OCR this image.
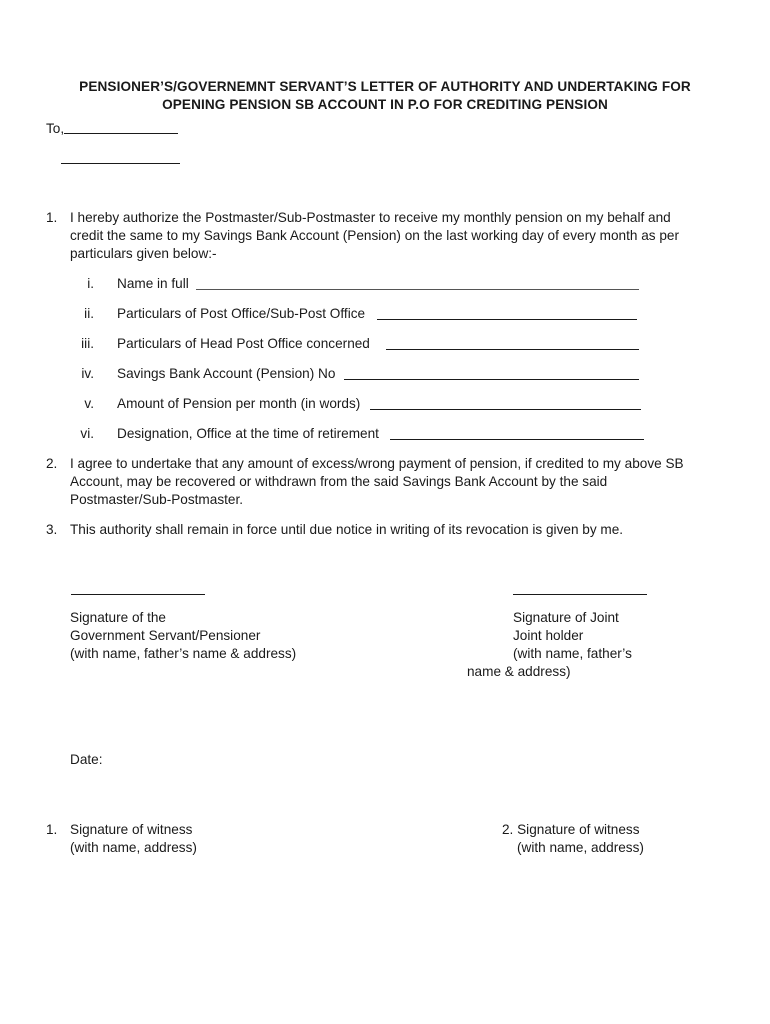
PENSIONER’S/GOVERNEMNT SERVANT’S LETTER OF AUTHORITY AND UNDERTAKING FOR
OPENING PENSION SB ACCOUNT IN P.O FOR CREDITING PENSION
To,
1. I hereby authorize the Postmaster/Sub-Postmaster to receive my monthly pension on my behalf and
credit the same to my Savings Bank Account (Pension) on the last working day of every month as per
particulars given below:-
i. Name in full
ii. Particulars of Post Office/Sub-Post Office
iii. Particulars of Head Post Office concerned
iv. Savings Bank Account (Pension) No
v. Amount of Pension per month (in words)
vi. Designation, Office at the time of retirement
2. I agree to undertake that any amount of excess/wrong payment of pension, if credited to my above SB
Account, may be recovered or withdrawn from the said Savings Bank Account by the said
Postmaster/Sub-Postmaster.
3. This authority shall remain in force until due notice in writing of its revocation is given by me.
Signature of the
Government Servant/Pensioner
(with name, father’s name & address)
Signature of Joint
Joint holder
(with name, father’s
name & address)
Date:
1. Signature of witness
(with name, address)
2. Signature of witness
(with name, address)
